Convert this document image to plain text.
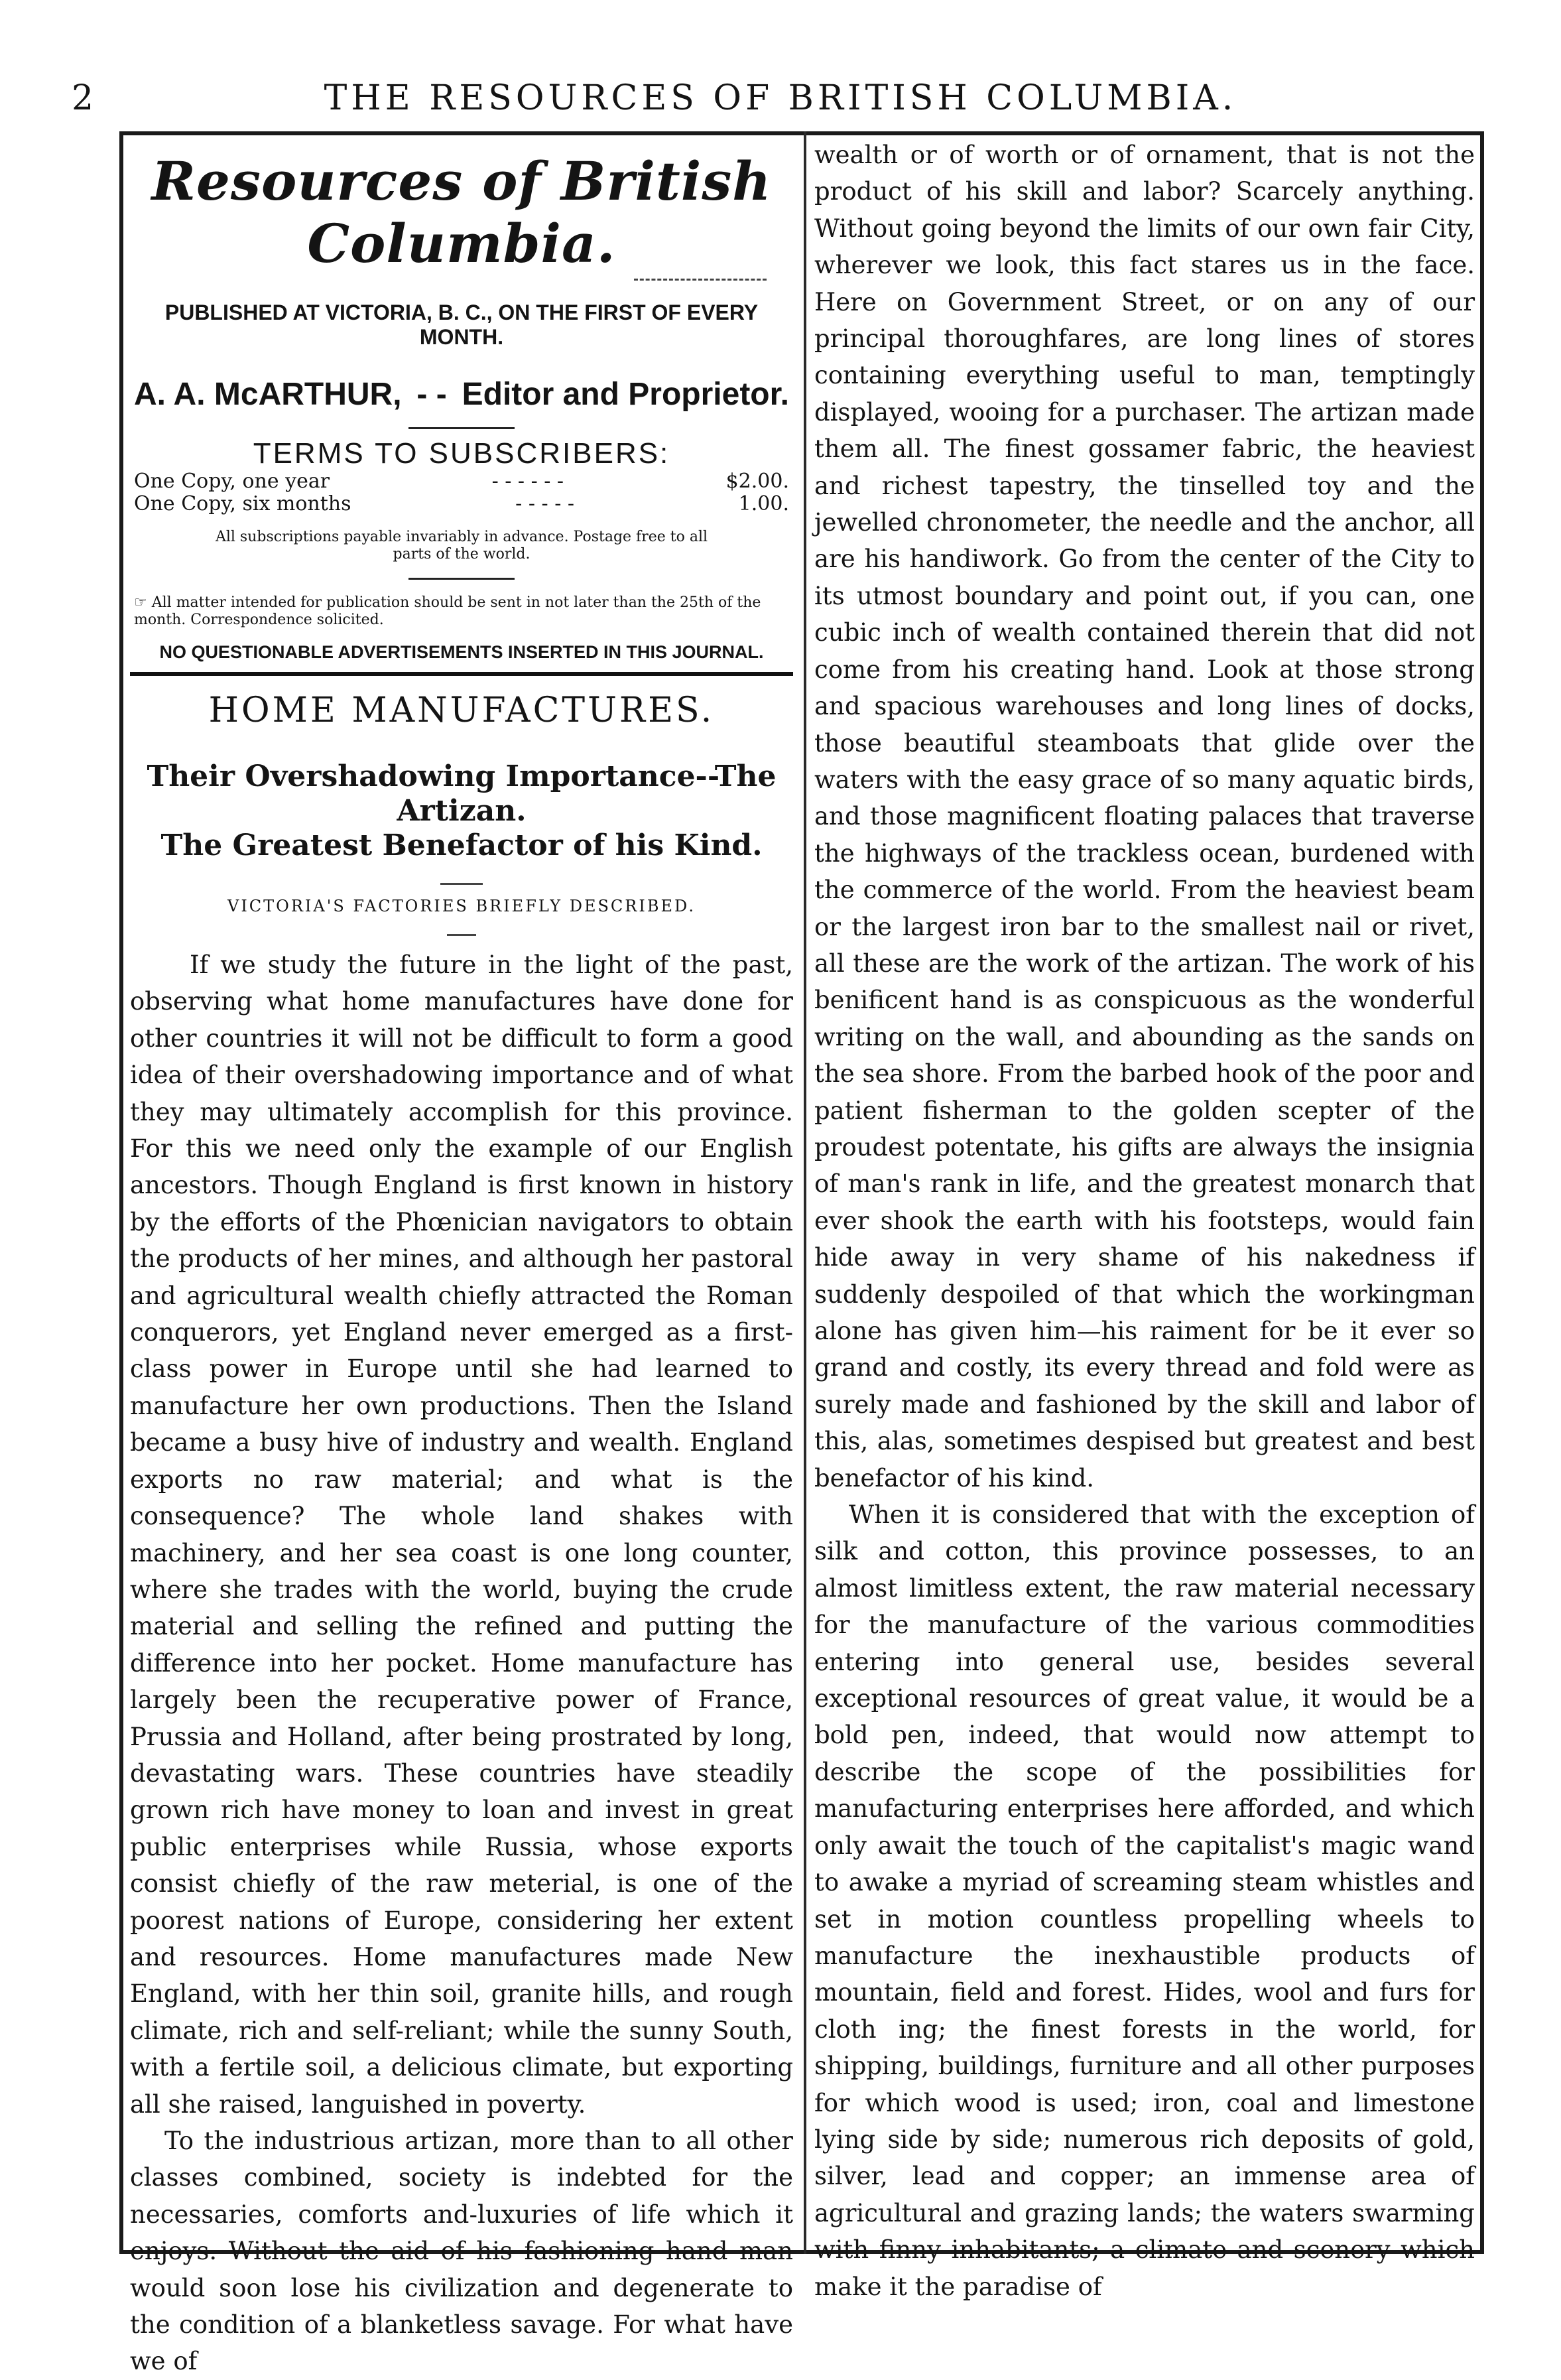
THE RESOURCES OF BRITISH COLUMBIA.
2
Resources of British Columbia.
PUBLISHED AT VICTORIA, B. C., ON THE FIRST OF EVERY MONTH.
A. A. McARTHUR, - - Editor and Proprietor.
TERMS TO SUBSCRIBERS:
One Copy, one year	- - - - - -	$2.00.
One Copy, six months	- - - - -	1.00.
All subscriptions payable invariably in advance. Postage free to all parts of the world.
☞ All matter intended for publication should be sent in not later than the 25th of the month. Correspondence solicited.
NO QUESTIONABLE ADVERTISEMENTS INSERTED IN THIS JOURNAL.
HOME MANUFACTURES.
Their Overshadowing Importance--The Artizan.
The Greatest Benefactor of his Kind.
VICTORIA'S FACTORIES BRIEFLY DESCRIBED.

If we study the future in the light of the past, observing what home manufactures have done for other countries it will not be difficult to form a good idea of their overshadowing importance and of what they may ultimately accomplish for this province. For this we need only the example of our English ancestors. Though England is first known in history by the efforts of the Phœnician navigators to obtain the products of her mines, and although her pastoral and agricultural wealth chiefly attracted the Roman conquerors, yet England never emerged as a first-class power in Europe until she had learned to manufacture her own productions. Then the Island became a busy hive of industry and wealth. England exports no raw material; and what is the consequence? The whole land shakes with machinery, and her sea coast is one long counter, where she trades with the world, buying the crude material and selling the refined and putting the difference into her pocket. Home manufacture has largely been the recuperative power of France, Prussia and Holland, after being prostrated by long, devastating wars. These countries have steadily grown rich have money to loan and invest in great public enterprises while Russia, whose exports consist chiefly of the raw meterial, is one of the poorest nations of Europe, considering her extent and resources. Home manufactures made New England, with her thin soil, granite hills, and rough climate, rich and self-reliant; while the sunny South, with a fertile soil, a delicious climate, but exporting all she raised, languished in poverty.

To the industrious artizan, more than to all other classes combined, society is indebted for the necessaries, comforts and-luxuries of life which it enjoys. Without the aid of his fashioning hand man would soon lose his civilization and degenerate to the condition of a blanketless savage. For what have we of

wealth or of worth or of ornament, that is not the product of his skill and labor? Scarcely anything. Without going beyond the limits of our own fair City, wherever we look, this fact stares us in the face. Here on Government Street, or on any of our principal thoroughfares, are long lines of stores containing everything useful to man, temptingly displayed, wooing for a purchaser. The artizan made them all. The finest gossamer fabric, the heaviest and richest tapestry, the tinselled toy and the jewelled chronometer, the needle and the anchor, all are his handiwork. Go from the center of the City to its utmost boundary and point out, if you can, one cubic inch of wealth contained therein that did not come from his creating hand. Look at those strong and spacious warehouses and long lines of docks, those beautiful steamboats that glide over the waters with the easy grace of so many aquatic birds, and those magnificent floating palaces that traverse the highways of the trackless ocean, burdened with the commerce of the world. From the heaviest beam or the largest iron bar to the smallest nail or rivet, all these are the work of the artizan. The work of his benificent hand is as conspicuous as the wonderful writing on the wall, and abounding as the sands on the sea shore. From the barbed hook of the poor and patient fisherman to the golden scepter of the proudest potentate, his gifts are always the insignia of man's rank in life, and the greatest monarch that ever shook the earth with his footsteps, would fain hide away in very shame of his nakedness if suddenly despoiled of that which the workingman alone has given him—his raiment for be it ever so grand and costly, its every thread and fold were as surely made and fashioned by the skill and labor of this, alas, sometimes despised but greatest and best benefactor of his kind.

When it is considered that with the exception of silk and cotton, this province possesses, to an almost limitless extent, the raw material necessary for the manufacture of the various commodities entering into general use, besides several exceptional resources of great value, it would be a bold pen, indeed, that would now attempt to describe the scope of the possibilities for manufacturing enterprises here afforded, and which only await the touch of the capitalist's magic wand to awake a myriad of screaming steam whistles and set in motion countless propelling wheels to manufacture the inexhaustible products of mountain, field and forest. Hides, wool and furs for cloth ing; the finest forests in the world, for shipping, buildings, furniture and all other purposes for which wood is used; iron, coal and limestone lying side by side; numerous rich deposits of gold, silver, lead and copper; an immense area of agricultural and grazing lands; the waters swarming with finny inhabitants; a climate and scenery which make it the paradise of
